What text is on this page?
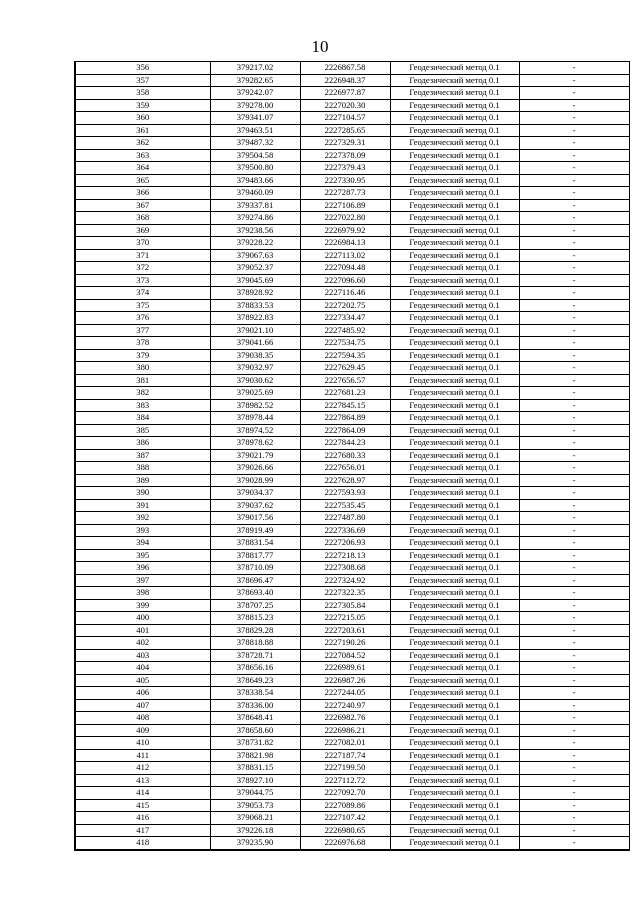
10
356	379217.02	2226867.58	Геодезический метод 0.1	-
357	379282.65	2226948.37	Геодезический метод 0.1	-
358	379242.07	2226977.87	Геодезический метод 0.1	-
359	379278.00	2227020.30	Геодезический метод 0.1	-
360	379341.07	2227104.57	Геодезический метод 0.1	-
361	379463.51	2227285.65	Геодезический метод 0.1	-
362	379487.32	2227329.31	Геодезический метод 0.1	-
363	379504.58	2227378.09	Геодезический метод 0.1	-
364	379500.80	2227379.43	Геодезический метод 0.1	-
365	379483.66	2227330.95	Геодезический метод 0.1	-
366	379460.09	2227287.73	Геодезический метод 0.1	-
367	379337.81	2227106.89	Геодезический метод 0.1	-
368	379274.86	2227022.80	Геодезический метод 0.1	-
369	379238.56	2226979.92	Геодезический метод 0.1	-
370	379228.22	2226984.13	Геодезический метод 0.1	-
371	379067.63	2227113.02	Геодезический метод 0.1	-
372	379052.37	2227094.48	Геодезический метод 0.1	-
373	379045.69	2227096.60	Геодезический метод 0.1	-
374	378928.92	2227116.46	Геодезический метод 0.1	-
375	378833.53	2227202.75	Геодезический метод 0.1	-
376	378922.83	2227334.47	Геодезический метод 0.1	-
377	379021.10	2227485.92	Геодезический метод 0.1	-
378	379041.66	2227534.75	Геодезический метод 0.1	-
379	379038.35	2227594.35	Геодезический метод 0.1	-
380	379032.97	2227629.45	Геодезический метод 0.1	-
381	379030.62	2227656.57	Геодезический метод 0.1	-
382	379025.69	2227681.23	Геодезический метод 0.1	-
383	378982.52	2227845.15	Геодезический метод 0.1	-
384	378978.44	2227864.89	Геодезический метод 0.1	-
385	378974.52	2227864.09	Геодезический метод 0.1	-
386	378978.62	2227844.23	Геодезический метод 0.1	-
387	379021.79	2227680.33	Геодезический метод 0.1	-
388	379026.66	2227656.01	Геодезический метод 0.1	-
389	379028.99	2227628.97	Геодезический метод 0.1	-
390	379034.37	2227593.93	Геодезический метод 0.1	-
391	379037.62	2227535.45	Геодезический метод 0.1	-
392	379017.56	2227487.80	Геодезический метод 0.1	-
393	378919.49	2227336.69	Геодезический метод 0.1	-
394	378831.54	2227206.93	Геодезический метод 0.1	-
395	378817.77	2227218.13	Геодезический метод 0.1	-
396	378710.09	2227308.68	Геодезический метод 0.1	-
397	378696.47	2227324.92	Геодезический метод 0.1	-
398	378693.40	2227322.35	Геодезический метод 0.1	-
399	378707.25	2227305.84	Геодезический метод 0.1	-
400	378815.23	2227215.05	Геодезический метод 0.1	-
401	378829.28	2227203.61	Геодезический метод 0.1	-
402	378818.88	2227190.26	Геодезический метод 0.1	-
403	378728.71	2227084.52	Геодезический метод 0.1	-
404	378656.16	2226989.61	Геодезический метод 0.1	-
405	378649.23	2226987.26	Геодезический метод 0.1	-
406	378338.54	2227244.05	Геодезический метод 0.1	-
407	378336.00	2227240.97	Геодезический метод 0.1	-
408	378648.41	2226982.76	Геодезический метод 0.1	-
409	378658.60	2226986.21	Геодезический метод 0.1	-
410	378731.82	2227082.01	Геодезический метод 0.1	-
411	378821.98	2227187.74	Геодезический метод 0.1	-
412	378831.15	2227199.50	Геодезический метод 0.1	-
413	378927.10	2227112.72	Геодезический метод 0.1	-
414	379044.75	2227092.70	Геодезический метод 0.1	-
415	379053.73	2227089.86	Геодезический метод 0.1	-
416	379068.21	2227107.42	Геодезический метод 0.1	-
417	379226.18	2226980.65	Геодезический метод 0.1	-
418	379235.90	2226976.68	Геодезический метод 0.1	-
